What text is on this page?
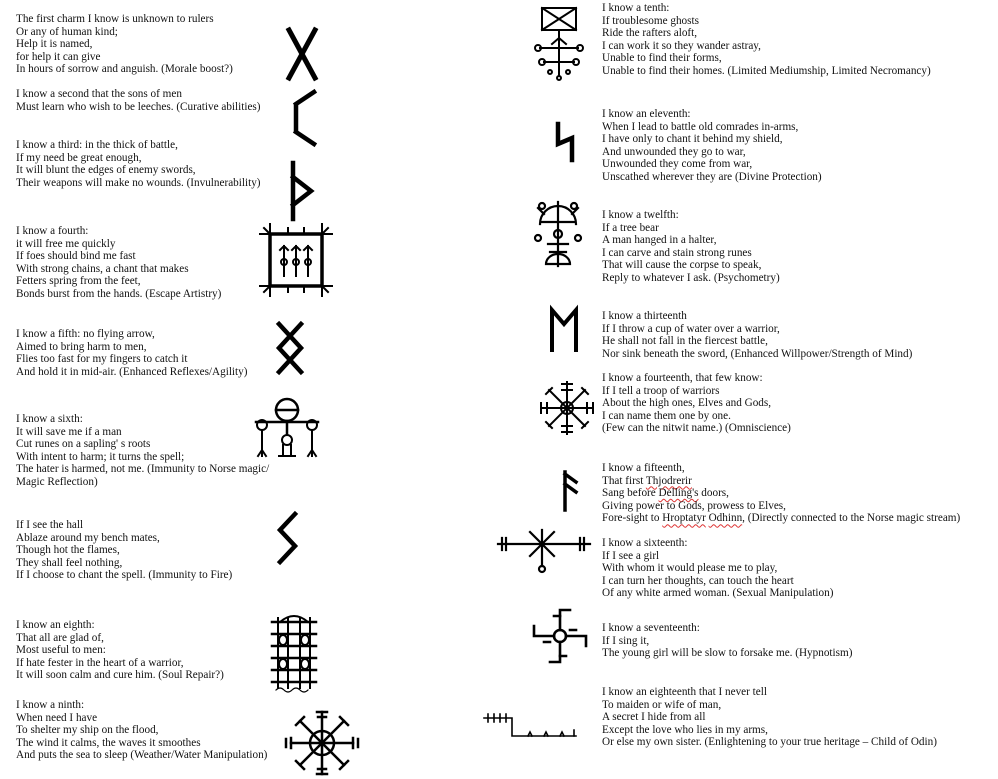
The first charm I know is unknown to rulers
Or any of human kind;
Help it is named,
for help it can give
In hours of sorrow and anguish. (Morale boost?)
I know a second that the sons of men
Must learn who wish to be leeches. (Curative abilities)
I know a third: in the thick of battle,
If my need be great enough,
It will blunt the edges of enemy swords,
Their weapons will make no wounds. (Invulnerability)
I know a fourth:
it will free me quickly
If foes should bind me fast
With strong chains, a chant that makes
Fetters spring from the feet,
Bonds burst from the hands. (Escape Artistry)
I know a fifth: no flying arrow,
Aimed to bring harm to men,
Flies too fast for my fingers to catch it
And hold it in mid-air. (Enhanced Reflexes/Agility)
I know a sixth:
It will save me if a man
Cut runes on a sapling' s roots
With intent to harm; it turns the spell;
The hater is harmed, not me. (Immunity to Norse magic/
Magic Reflection)
If I see the hall
Ablaze around my bench mates,
Though hot the flames,
They shall feel nothing,
If I choose to chant the spell. (Immunity to Fire)
I know an eighth:
That all are glad of,
Most useful to men:
If hate fester in the heart of a warrior,
It will soon calm and cure him. (Soul Repair?)
I know a ninth:
When need I have
To shelter my ship on the flood,
The wind it calms, the waves it smoothes
And puts the sea to sleep (Weather/Water Manipulation)
I know a tenth:
If troublesome ghosts
Ride the rafters aloft,
I can work it so they wander astray,
Unable to find their forms,
Unable to find their homes. (Limited Mediumship, Limited Necromancy)
I know an eleventh:
When I lead to battle old comrades in-arms,
I have only to chant it behind my shield,
And unwounded they go to war,
Unwounded they come from war,
Unscathed wherever they are (Divine Protection)
I know a twelfth:
If a tree bear
A man hanged in a halter,
I can carve and stain strong runes
That will cause the corpse to speak,
Reply to whatever I ask. (Psychometry)
I know a thirteenth
If I throw a cup of water over a warrior,
He shall not fall in the fiercest battle,
Nor sink beneath the sword, (Enhanced Willpower/Strength of Mind)
I know a fourteenth, that few know:
If I tell a troop of warriors
About the high ones, Elves and Gods,
I can name them one by one.
(Few can the nitwit name.) (Omniscience)
I know a fifteenth,
That first Thjodrerir
Sang before Delling's doors,
Giving power to Gods, prowess to Elves,
Fore-sight to Hroptatyr Odhinn, (Directly connected to the Norse magic stream)
I know a sixteenth:
If I see a girl
With whom it would please me to play,
I can turn her thoughts, can touch the heart
Of any white armed woman. (Sexual Manipulation)
I know a seventeenth:
If I sing it,
The young girl will be slow to forsake me. (Hypnotism)
I know an eighteenth that I never tell
To maiden or wife of man,
A secret I hide from all
Except the love who lies in my arms,
Or else my own sister. (Enlightening to your true heritage – Child of Odin)
